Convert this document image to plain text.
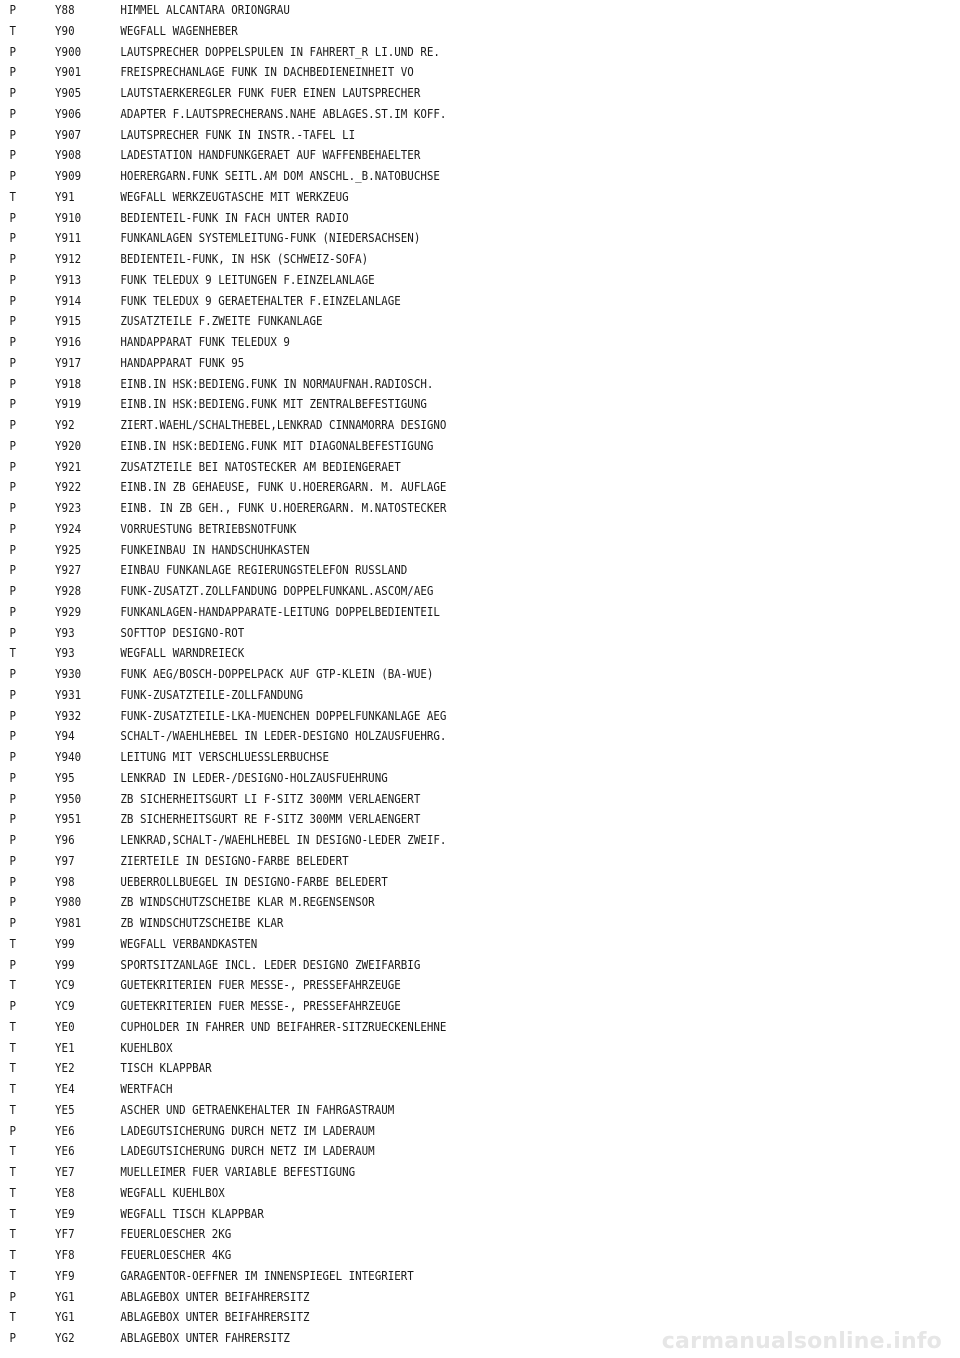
P	Y88	HIMMEL ALCANTARA ORIONGRAU
T	Y90	WEGFALL WAGENHEBER
P	Y900	LAUTSPRECHER DOPPELSPULEN IN FAHRERT_R LI.UND RE.
P	Y901	FREISPRECHANLAGE FUNK IN DACHBEDIENEINHEIT VO
P	Y905	LAUTSTAERKEREGLER FUNK FUER EINEN LAUTSPRECHER
P	Y906	ADAPTER F.LAUTSPRECHERANS.NAHE ABLAGES.ST.IM KOFF.
P	Y907	LAUTSPRECHER FUNK IN INSTR.-TAFEL LI
P	Y908	LADESTATION HANDFUNKGERAET AUF WAFFENBEHAELTER
P	Y909	HOERERGARN.FUNK SEITL.AM DOM ANSCHL._B.NATOBUCHSE
T	Y91	WEGFALL WERKZEUGTASCHE MIT WERKZEUG
P	Y910	BEDIENTEIL-FUNK IN FACH UNTER RADIO
P	Y911	FUNKANLAGEN SYSTEMLEITUNG-FUNK (NIEDERSACHSEN)
P	Y912	BEDIENTEIL-FUNK, IN HSK (SCHWEIZ-SOFA)
P	Y913	FUNK TELEDUX 9 LEITUNGEN F.EINZELANLAGE
P	Y914	FUNK TELEDUX 9 GERAETEHALTER F.EINZELANLAGE
P	Y915	ZUSATZTEILE F.ZWEITE FUNKANLAGE
P	Y916	HANDAPPARAT FUNK TELEDUX 9
P	Y917	HANDAPPARAT FUNK 95
P	Y918	EINB.IN HSK:BEDIENG.FUNK IN NORMAUFNAH.RADIOSCH.
P	Y919	EINB.IN HSK:BEDIENG.FUNK MIT ZENTRALBEFESTIGUNG
P	Y92	ZIERT.WAEHL/SCHALTHEBEL,LENKRAD CINNAMORRA DESIGNO
P	Y920	EINB.IN HSK:BEDIENG.FUNK MIT DIAGONALBEFESTIGUNG
P	Y921	ZUSATZTEILE BEI NATOSTECKER AM BEDIENGERAET
P	Y922	EINB.IN ZB GEHAEUSE, FUNK U.HOERERGARN. M. AUFLAGE
P	Y923	EINB. IN ZB GEH., FUNK U.HOERERGARN. M.NATOSTECKER
P	Y924	VORRUESTUNG BETRIEBSNOTFUNK
P	Y925	FUNKEINBAU IN HANDSCHUHKASTEN
P	Y927	EINBAU FUNKANLAGE REGIERUNGSTELEFON RUSSLAND
P	Y928	FUNK-ZUSATZT.ZOLLFANDUNG DOPPELFUNKANL.ASCOM/AEG
P	Y929	FUNKANLAGEN-HANDAPPARATE-LEITUNG DOPPELBEDIENTEIL
P	Y93	SOFTTOP DESIGNO-ROT
T	Y93	WEGFALL WARNDREIECK
P	Y930	FUNK AEG/BOSCH-DOPPELPACK AUF GTP-KLEIN (BA-WUE)
P	Y931	FUNK-ZUSATZTEILE-ZOLLFANDUNG
P	Y932	FUNK-ZUSATZTEILE-LKA-MUENCHEN DOPPELFUNKANLAGE AEG
P	Y94	SCHALT-/WAEHLHEBEL IN LEDER-DESIGNO HOLZAUSFUEHRG.
P	Y940	LEITUNG MIT VERSCHLUESSLERBUCHSE
P	Y95	LENKRAD IN LEDER-/DESIGNO-HOLZAUSFUEHRUNG
P	Y950	ZB SICHERHEITSGURT LI F-SITZ 300MM VERLAENGERT
P	Y951	ZB SICHERHEITSGURT RE F-SITZ 300MM VERLAENGERT
P	Y96	LENKRAD,SCHALT-/WAEHLHEBEL IN DESIGNO-LEDER ZWEIF.
P	Y97	ZIERTEILE IN DESIGNO-FARBE BELEDERT
P	Y98	UEBERROLLBUEGEL IN DESIGNO-FARBE BELEDERT
P	Y980	ZB WINDSCHUTZSCHEIBE KLAR M.REGENSENSOR
P	Y981	ZB WINDSCHUTZSCHEIBE KLAR
T	Y99	WEGFALL VERBANDKASTEN
P	Y99	SPORTSITZANLAGE INCL. LEDER DESIGNO ZWEIFARBIG
T	YC9	GUETEKRITERIEN FUER MESSE-, PRESSEFAHRZEUGE
P	YC9	GUETEKRITERIEN FUER MESSE-, PRESSEFAHRZEUGE
T	YE0	CUPHOLDER IN FAHRER UND BEIFAHRER-SITZRUECKENLEHNE
T	YE1	KUEHLBOX
T	YE2	TISCH KLAPPBAR
T	YE4	WERTFACH
T	YE5	ASCHER UND GETRAENKEHALTER IN FAHRGASTRAUM
P	YE6	LADEGUTSICHERUNG DURCH NETZ IM LADERAUM
T	YE6	LADEGUTSICHERUNG DURCH NETZ IM LADERAUM
T	YE7	MUELLEIMER FUER VARIABLE BEFESTIGUNG
T	YE8	WEGFALL KUEHLBOX
T	YE9	WEGFALL TISCH KLAPPBAR
T	YF7	FEUERLOESCHER 2KG
T	YF8	FEUERLOESCHER 4KG
T	YF9	GARAGENTOR-OEFFNER IM INNENSPIEGEL INTEGRIERT
P	YG1	ABLAGEBOX UNTER BEIFAHRERSITZ
T	YG1	ABLAGEBOX UNTER BEIFAHRERSITZ
P	YG2	ABLAGEBOX UNTER FAHRERSITZ	carmanualsonline.info
